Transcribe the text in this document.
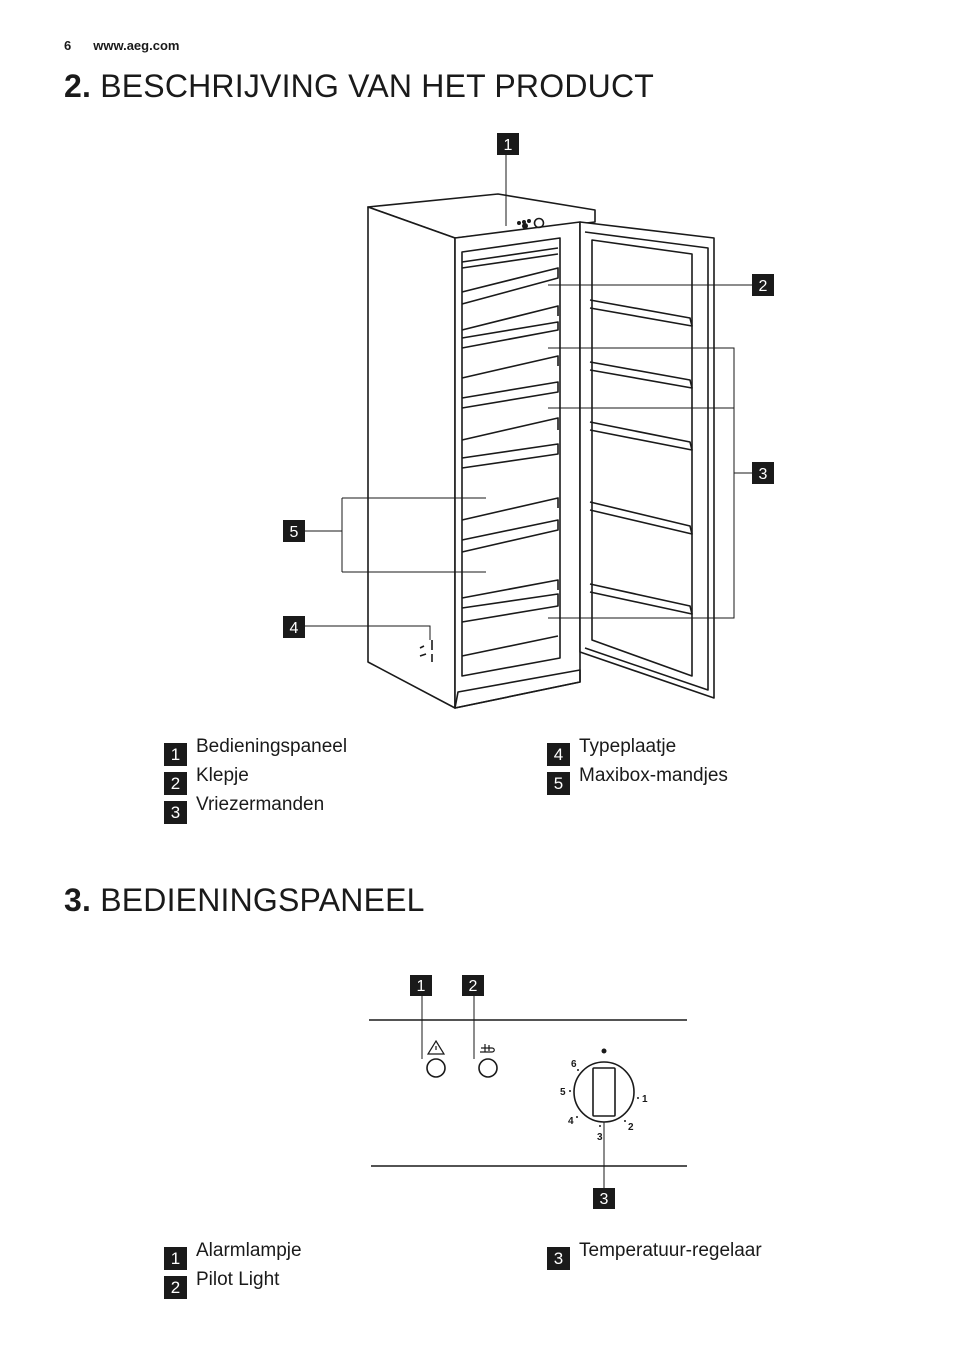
6 www.aeg.com
2. BESCHRIJVING VAN HET PRODUCT
1
2
3
4
5
1 Bedieningspaneel
2 Klepje
3 Vriezermanden
4 Typeplaatje
5 Maxibox-mandjes
3. BEDIENINGSPANEEL
1
2
3
4
5
6
1	2
3
1 Alarmlampje
2 Pilot Light
3 Temperatuur-regelaar
